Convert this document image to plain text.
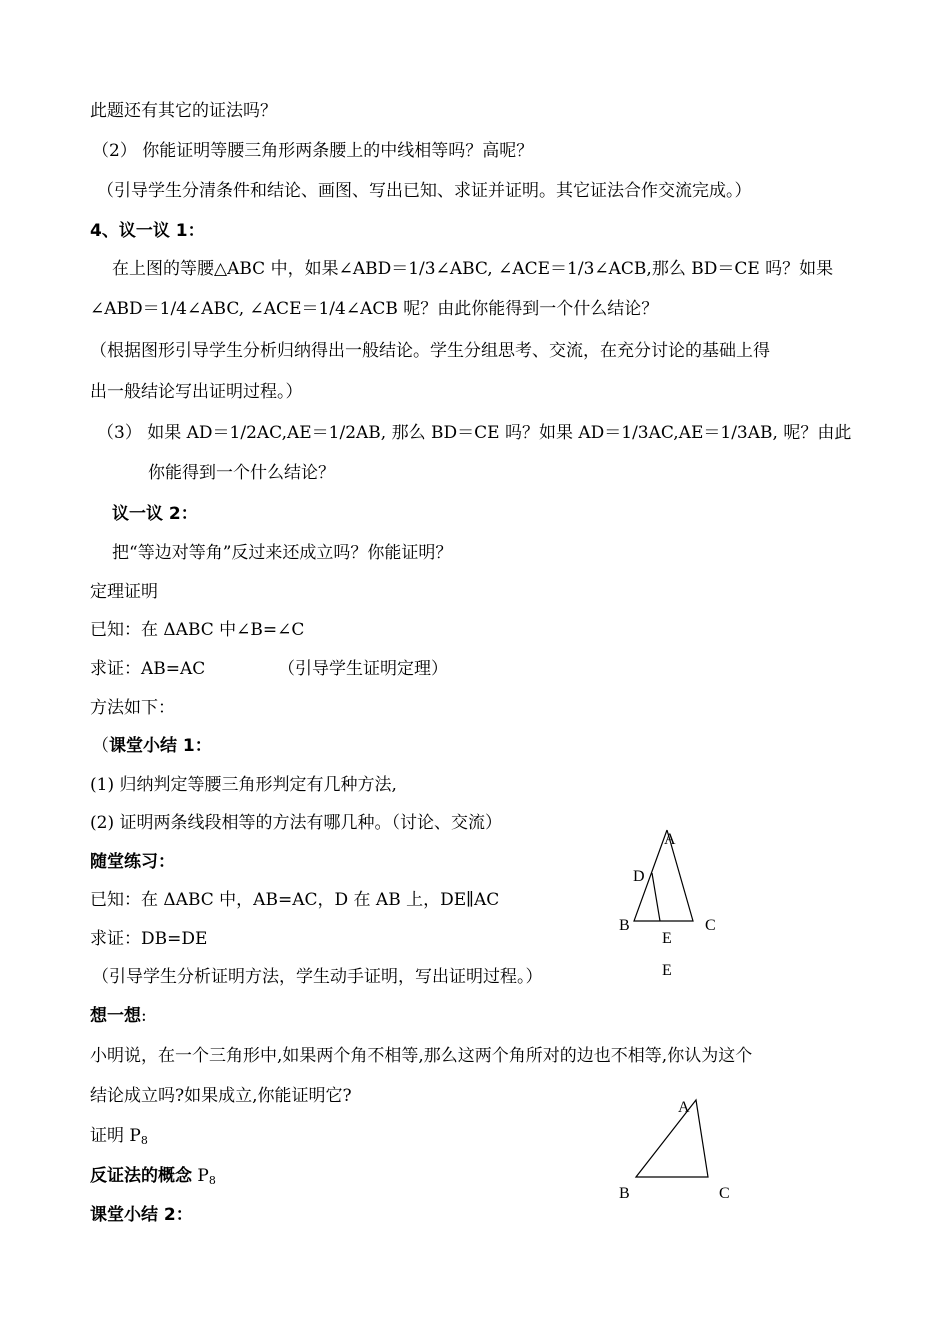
此题还有其它的证法吗？
（2） 你能证明等腰三角形两条腰上的中线相等吗？高呢？
（引导学生分清条件和结论、画图、写出已知、求证并证明。其它证法合作交流完成。）
4、议一议 1：
在上图的等腰△ABC 中，如果∠ABD＝1/3∠ABC, ∠ACE＝1/3∠ACB,那么 BD＝CE 吗？如果
∠ABD＝1/4∠ABC, ∠ACE＝1/4∠ACB 呢？由此你能得到一个什么结论？
（根据图形引导学生分析归纳得出一般结论。学生分组思考、交流，在充分讨论的基础上得
出一般结论写出证明过程。）
（3） 如果 AD＝1/2AC,AE＝1/2AB, 那么 BD＝CE 吗？如果 AD＝1/3AC,AE＝1/3AB, 呢？由此
你能得到一个什么结论？
议一议 2：
把“等边对等角”反过来还成立吗？你能证明？
定理证明
已知：在 ΔABC 中∠B=∠C
求证：AB=AC	（引导学生证明定理）
方法如下：
（课堂小结 1：
(1) 归纳判定等腰三角形判定有几种方法,
(2) 证明两条线段相等的方法有哪几种。（讨论、交流）
随堂练习：
已知：在 ΔABC 中，AB=AC，D 在 AB 上，DE∥AC
求证：DB=DE
（引导学生分析证明方法，学生动手证明，写出证明过程。）
想一想:
小明说，在一个三角形中,如果两个角不相等,那么这两个角所对的边也不相等,你认为这个
结论成立吗?如果成立,你能证明它?
证明 $P_8$
反证法的概念 $P_8$
课堂小结 2：
A
D
B
E
C
E
A
B	C
